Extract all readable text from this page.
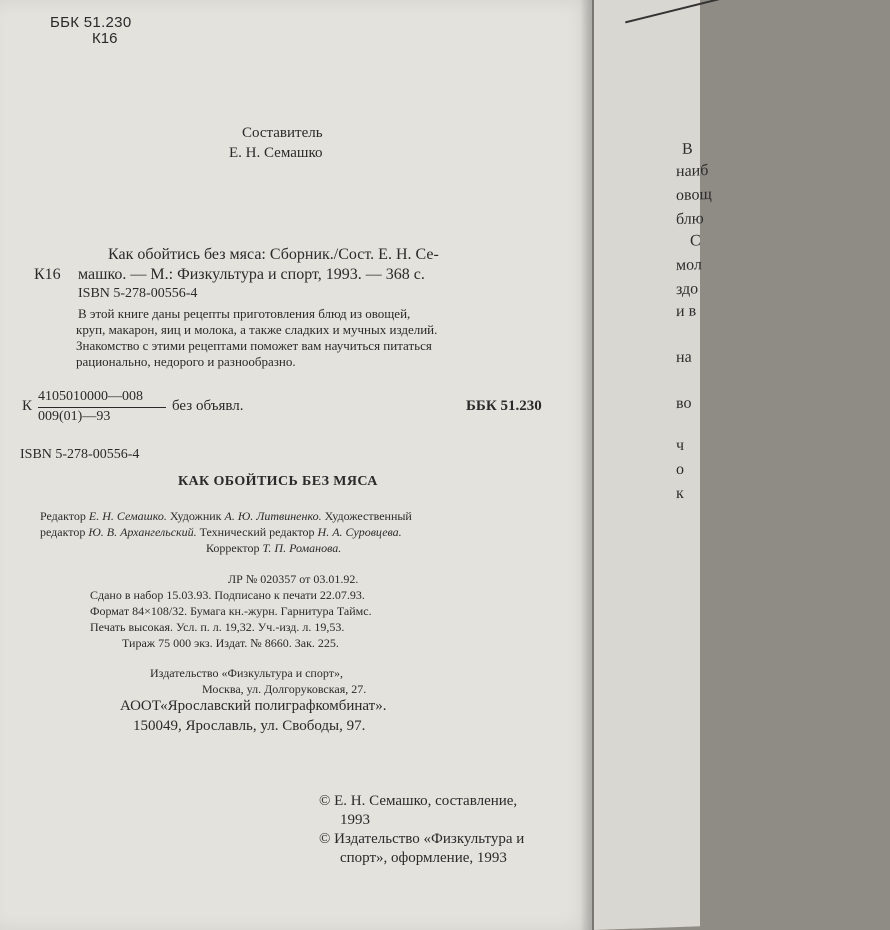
ББК 51.230
К16
Составитель
Е. Н. Семашко
Как обойтись без мяса: Сборник./Сост. Е. Н. Се-
К16 машко. — М.: Физкультура и спорт, 1993. — 368 с.
ISBN 5-278-00556-4
В этой книге даны рецепты приготовления блюд из овощей,
круп, макарон, яиц и молока, а также сладких и мучных изделий.
Знакомство с этими рецептами поможет вам научиться питаться
рационально, недорого и разнообразно.
К $\frac{4105010000—008}{009(01)—93}$ без объявл.	ББК 51.230
ISBN 5-278-00556-4
КАК ОБОЙТИСЬ БЕЗ МЯСА
Редактор Е. Н. Семашко. Художник А. Ю. Литвиненко. Художественный
редактор Ю. В. Архангельский. Технический редактор Н. А. Суровцева.
Корректор Т. П. Романова.
ЛР № 020357 от 03.01.92.
Сдано в набор 15.03.93. Подписано к печати 22.07.93.
Формат 84×108/32. Бумага кн.-журн. Гарнитура Таймс.
Печать высокая. Усл. п. л. 19,32. Уч.-изд. л. 19,53.
Тираж 75 000 экз. Издат. № 8660. Зак. 225.
Издательство «Физкультура и спорт»,
Москва, ул. Долгоруковская, 27.
АООТ«Ярославский полиграфкомбинат».
150049, Ярославль, ул. Свободы, 97.
© Е. Н. Семашко, составление,
1993
© Издательство «Физкультура и
спорт», оформление, 1993
В
наиб
овощ
блю
С
мол
здо
и в
на
во
ч
о
к
